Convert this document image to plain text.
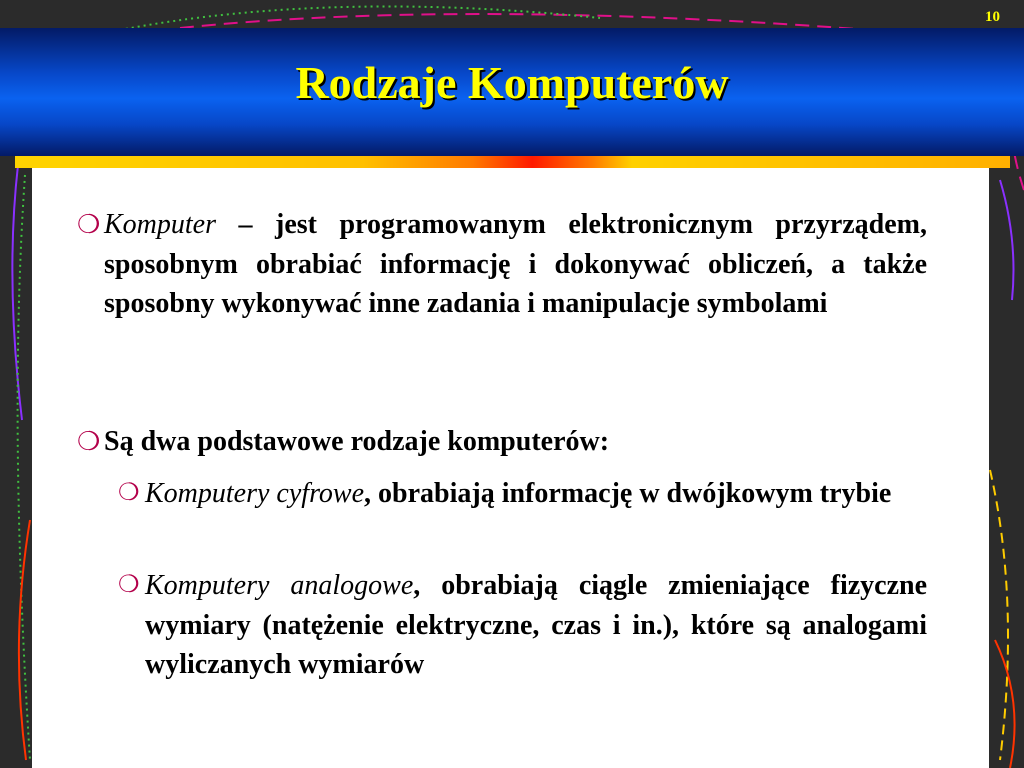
10
Rodzaje Komputerów
❍ Komputer – jest programowanym elektronicznym przyrządem, sposobnym obrabiać informację i dokonywać obliczeń, a także sposobny wykonywać inne zadania i manipulacje symbolami
❍ Są dwa podstawowe rodzaje komputerów:
❍ Komputery cyfrowe, obrabiają informację w dwójkowym trybie
❍ Komputery analogowe, obrabiają ciągle zmieniające fizyczne wymiary (natężenie elektryczne, czas i in.), które są analogami wyliczanych wymiarów
